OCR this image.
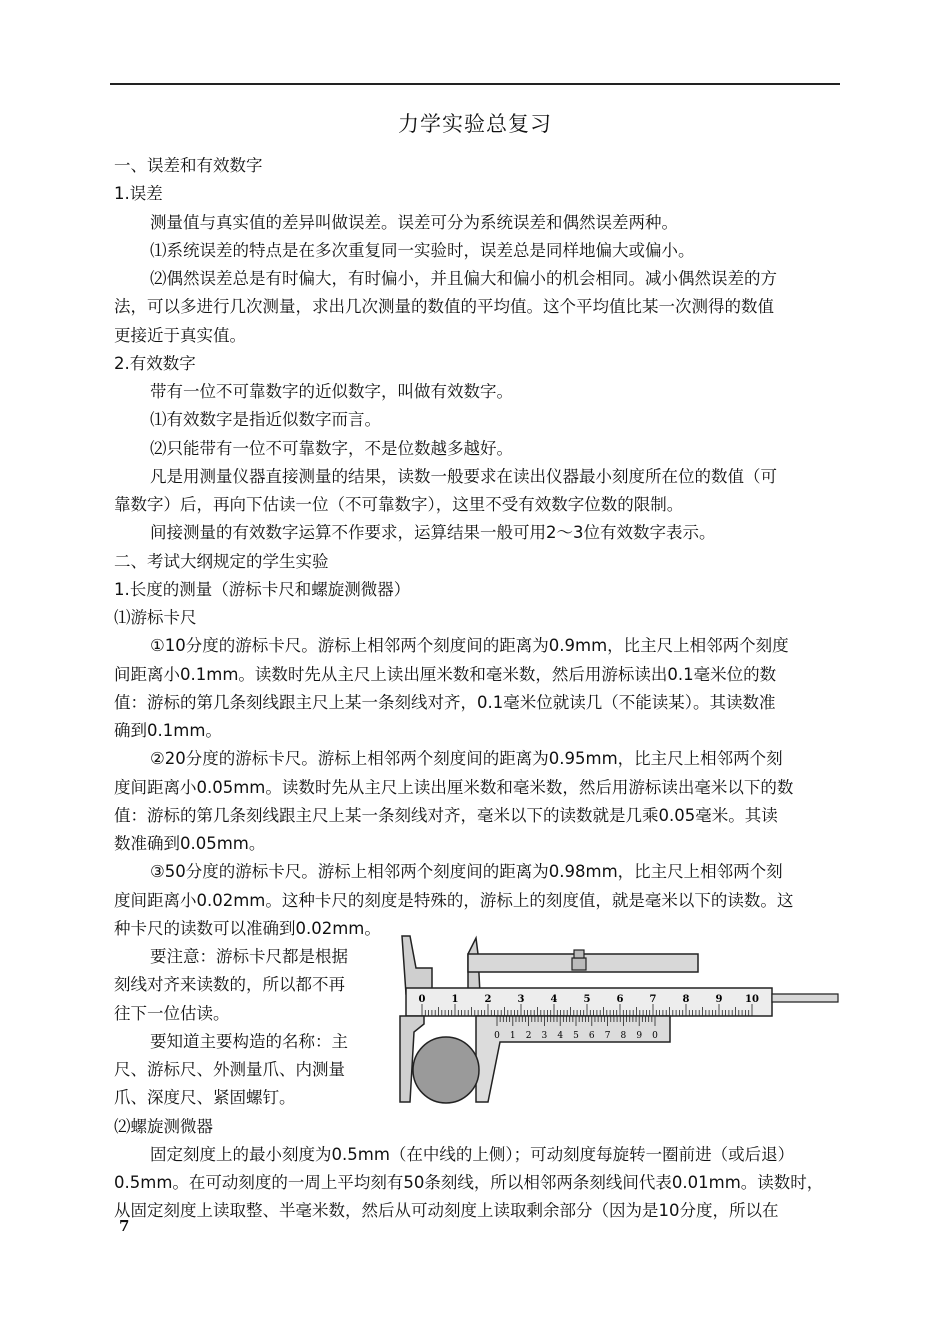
力学实验总复习
一、误差和有效数字
1.误差
测量值与真实值的差异叫做误差。误差可分为系统误差和偶然误差两种。
⑴系统误差的特点是在多次重复同一实验时，误差总是同样地偏大或偏小。
⑵偶然误差总是有时偏大，有时偏小，并且偏大和偏小的机会相同。减小偶然误差的方
法，可以多进行几次测量，求出几次测量的数值的平均值。这个平均值比某一次测得的数值
更接近于真实值。
2.有效数字
带有一位不可靠数字的近似数字，叫做有效数字。
⑴有效数字是指近似数字而言。
⑵只能带有一位不可靠数字，不是位数越多越好。
凡是用测量仪器直接测量的结果，读数一般要求在读出仪器最小刻度所在位的数值（可
靠数字）后，再向下估读一位（不可靠数字），这里不受有效数字位数的限制。
间接测量的有效数字运算不作要求，运算结果一般可用2～3位有效数字表示。
二、考试大纲规定的学生实验
1.长度的测量（游标卡尺和螺旋测微器）
⑴游标卡尺
①10分度的游标卡尺。游标上相邻两个刻度间的距离为0.9mm，比主尺上相邻两个刻度
间距离小0.1mm。读数时先从主尺上读出厘米数和毫米数，然后用游标读出0.1毫米位的数
值：游标的第几条刻线跟主尺上某一条刻线对齐，0.1毫米位就读几（不能读某）。其读数准
确到0.1mm。
②20分度的游标卡尺。游标上相邻两个刻度间的距离为0.95mm，比主尺上相邻两个刻
度间距离小0.05mm。读数时先从主尺上读出厘米数和毫米数，然后用游标读出毫米以下的数
值：游标的第几条刻线跟主尺上某一条刻线对齐，毫米以下的读数就是几乘0.05毫米。其读
数准确到0.05mm。
③50分度的游标卡尺。游标上相邻两个刻度间的距离为0.98mm，比主尺上相邻两个刻
度间距离小0.02mm。这种卡尺的刻度是特殊的，游标上的刻度值，就是毫米以下的读数。这
种卡尺的读数可以准确到0.02mm。
要注意：游标卡尺都是根据
刻线对齐来读数的，所以都不再
往下一位估读。
要知道主要构造的名称：主
尺、游标尺、外测量爪、内测量
爪、深度尺、紧固螺钉。
⑵螺旋测微器
固定刻度上的最小刻度为0.5mm（在中线的上侧）；可动刻度每旋转一圈前进（或后退）
0.5mm。在可动刻度的一周上平均刻有50条刻线，所以相邻两条刻线间代表0.01mm。读数时，
从固定刻度上读取整、半毫米数，然后从可动刻度上读取剩余部分（因为是10分度，所以在
0	1	2	3	4	5	6	7	8	9 10
0 1 2 3 4 5 6 7 8 9 0
7
